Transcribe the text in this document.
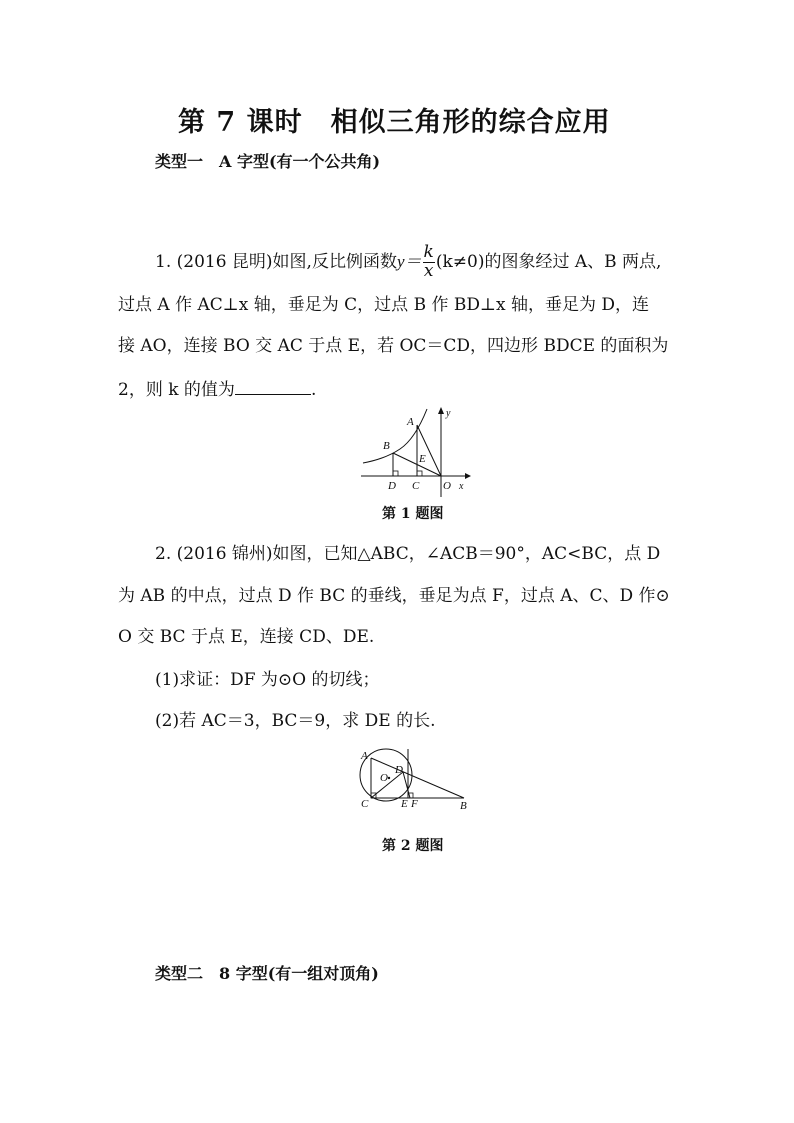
第 7 课时　相似三角形的综合应用
类型一　A 字型(有一个公共角)
1. (2016 昆明)如图,反比例函数$y= \frac{k}{x} (k\ne 0)$的图象经过 A、B 两点,
过点 A 作 AC⊥x 轴，垂足为 C，过点 B 作 BD⊥x 轴，垂足为 D，连
接 AO，连接 BO 交 AC 于点 E，若 OC＝CD，四边形 BDCE 的面积为
2，则 k 的值为	.
A
y
B
E
D C O x
第 1 题图
2. (2016 锦州)如图，已知△ABC，∠ACB＝90°，AC<BC，点 D
为 AB 的中点，过点 D 作 BC 的垂线，垂足为点 F，过点 A、C、D 作⊙
O 交 BC 于点 E，连接 CD、DE.
(1)求证：DF 为⊙O 的切线；
(2)若 AC＝3，BC＝9，求 DE 的长.
A
O
D
C	E F	B
第 2 题图
类型二　8 字型(有一组对顶角)
